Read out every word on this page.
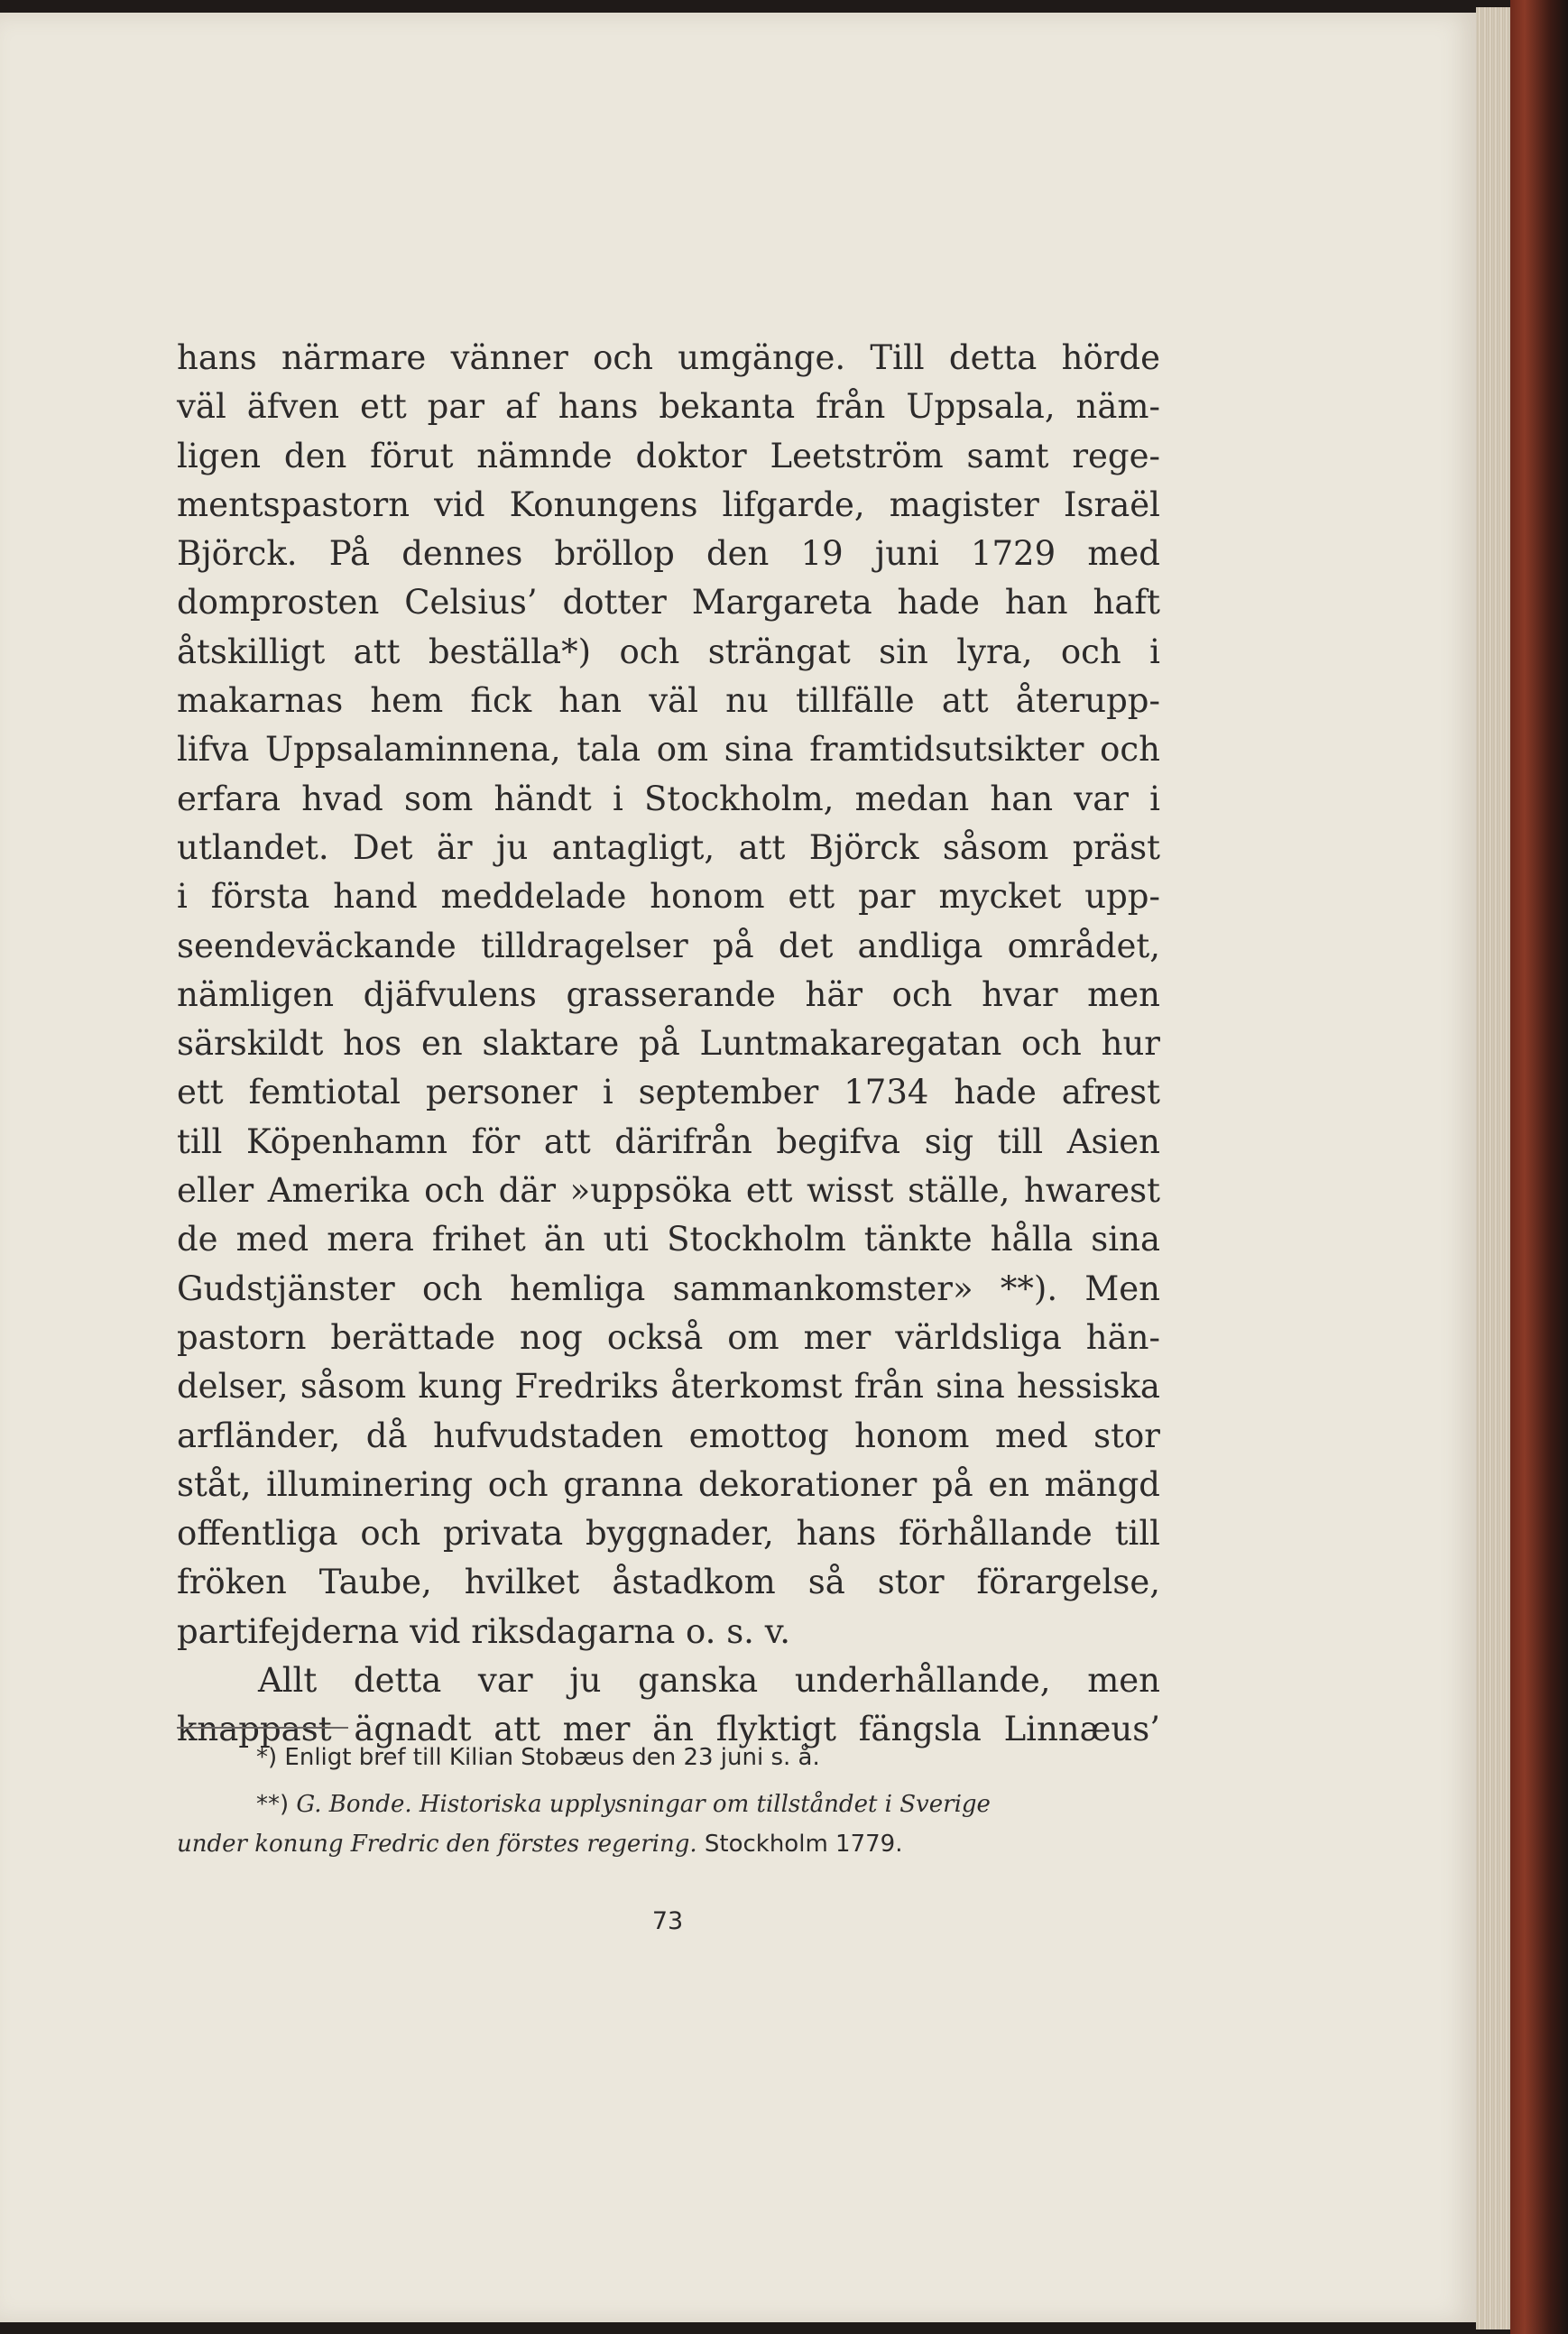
hans närmare vänner och umgänge. Till detta hörde
väl äfven ett par af hans bekanta från Uppsala, näm-
ligen den förut nämnde doktor Leetström samt rege-
mentspastorn vid Konungens lifgarde, magister Israël
Björck. På dennes bröllop den 19 juni 1729 med
domprosten Celsius’ dotter Margareta hade han haft
åtskilligt att beställa*) och strängat sin lyra, och i
makarnas hem fick han väl nu tillfälle att återupp-
lifva Uppsalaminnena, tala om sina framtidsutsikter och
erfara hvad som händt i Stockholm, medan han var i
utlandet. Det är ju antagligt, att Björck såsom präst
i första hand meddelade honom ett par mycket upp-
seendeväckande tilldragelser på det andliga området,
nämligen djäfvulens grasserande här och hvar men
särskildt hos en slaktare på Luntmakaregatan och hur
ett femtiotal personer i september 1734 hade afrest
till Köpenhamn för att därifrån begifva sig till Asien
eller Amerika och där »uppsöka ett wisst ställe, hwarest
de med mera frihet än uti Stockholm tänkte hålla sina
Gudstjänster och hemliga sammankomster» **). Men
pastorn berättade nog också om mer världsliga hän-
delser, såsom kung Fredriks återkomst från sina hessiska
arfländer, då hufvudstaden emottog honom med stor
ståt, illuminering och granna dekorationer på en mängd
offentliga och privata byggnader, hans förhållande till
fröken Taube, hvilket åstadkom så stor förargelse,
partifejderna vid riksdagarna o. s. v.
Allt detta var ju ganska underhållande, men
knappast ägnadt att mer än flyktigt fängsla Linnæus’
*) Enligt bref till Kilian Stobæus den 23 juni s. å.
**) G. Bonde. Historiska upplysningar om tillståndet i Sverige
under konung Fredric den förstes regering. Stockholm 1779.
73
